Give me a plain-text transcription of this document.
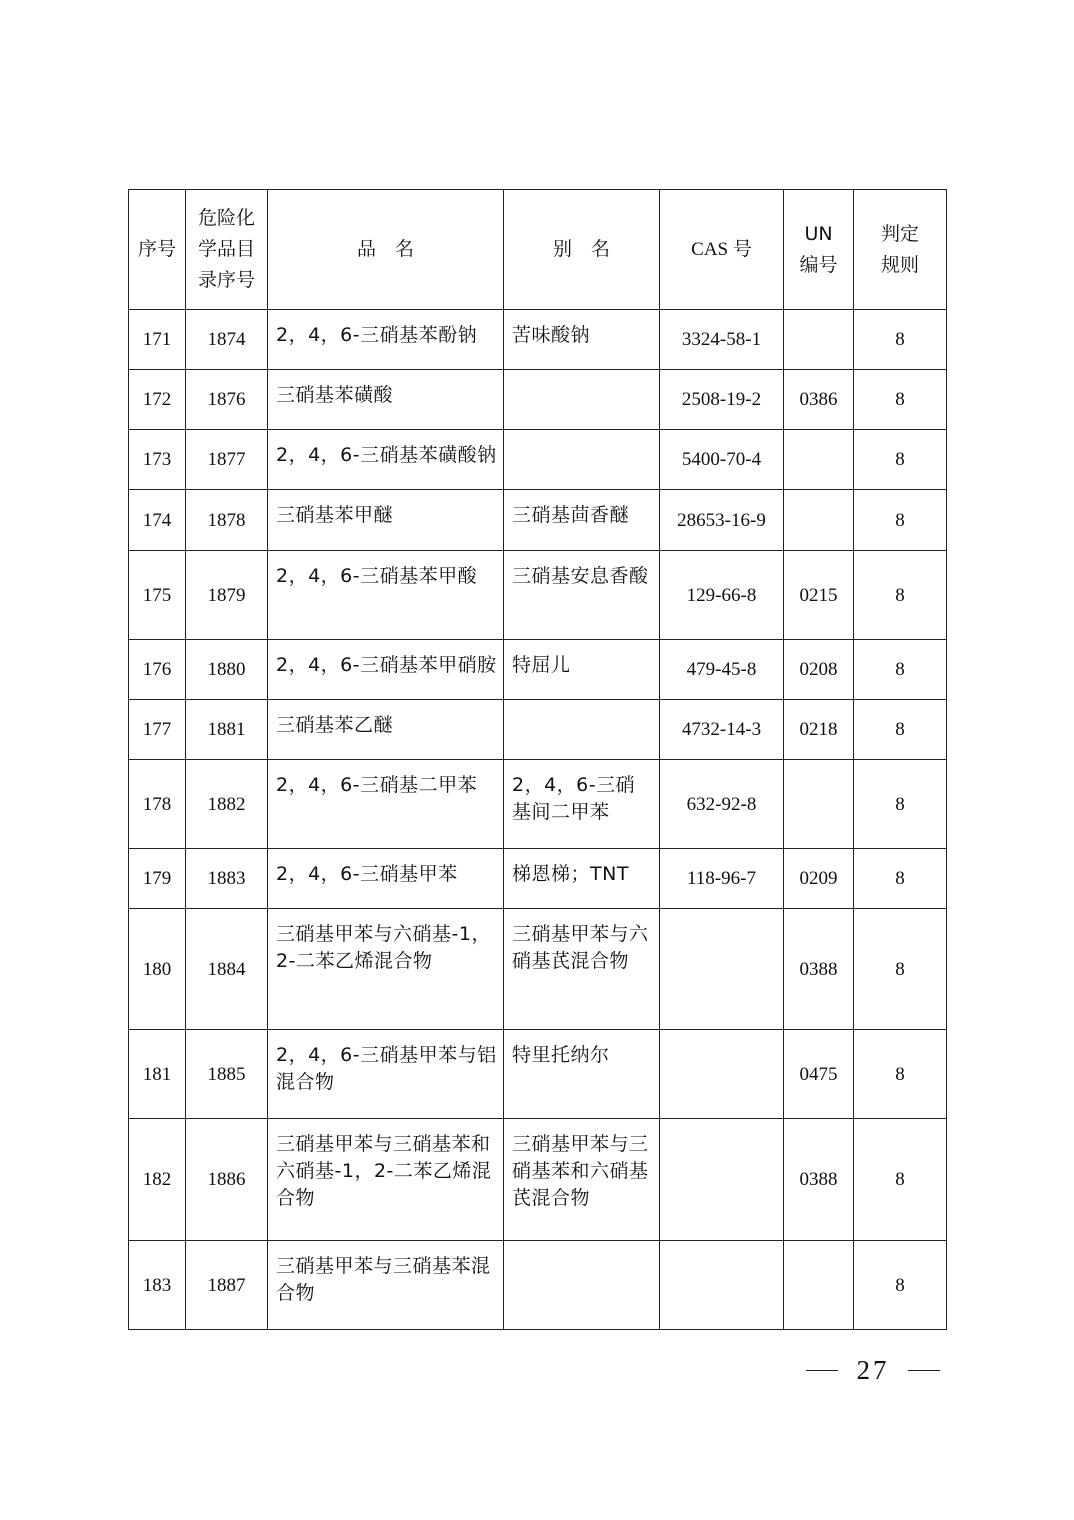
序号	危险化学品目录序号	品　名	别　名	CAS 号	UN编号	判定规则
171	1874	2，4，6-三硝基苯酚钠	苦味酸钠	3324-58-1		8
172	1876	三硝基苯磺酸		2508-19-2	0386	8
173	1877	2，4，6-三硝基苯磺酸钠		5400-70-4		8
174	1878	三硝基苯甲醚	三硝基茴香醚	28653-16-9		8
175	1879	2，4，6-三硝基苯甲酸	三硝基安息香酸	129-66-8	0215	8
176	1880	2，4，6-三硝基苯甲硝胺	特屈儿	479-45-8	0208	8
177	1881	三硝基苯乙醚		4732-14-3	0218	8
178	1882	2，4，6-三硝基二甲苯	2，4，6-三硝基间二甲苯	632-92-8		8
179	1883	2，4，6-三硝基甲苯	梯恩梯；TNT	118-96-7	0209	8
180	1884	三硝基甲苯与六硝基-1，2-二苯乙烯混合物	三硝基甲苯与六硝基芪混合物		0388	8
181	1885	2，4，6-三硝基甲苯与铝混合物	特里托纳尔		0475	8
182	1886	三硝基甲苯与三硝基苯和六硝基-1，2-二苯乙烯混合物	三硝基甲苯与三硝基苯和六硝基芪混合物		0388	8
183	1887	三硝基甲苯与三硝基苯混合物				8
27
